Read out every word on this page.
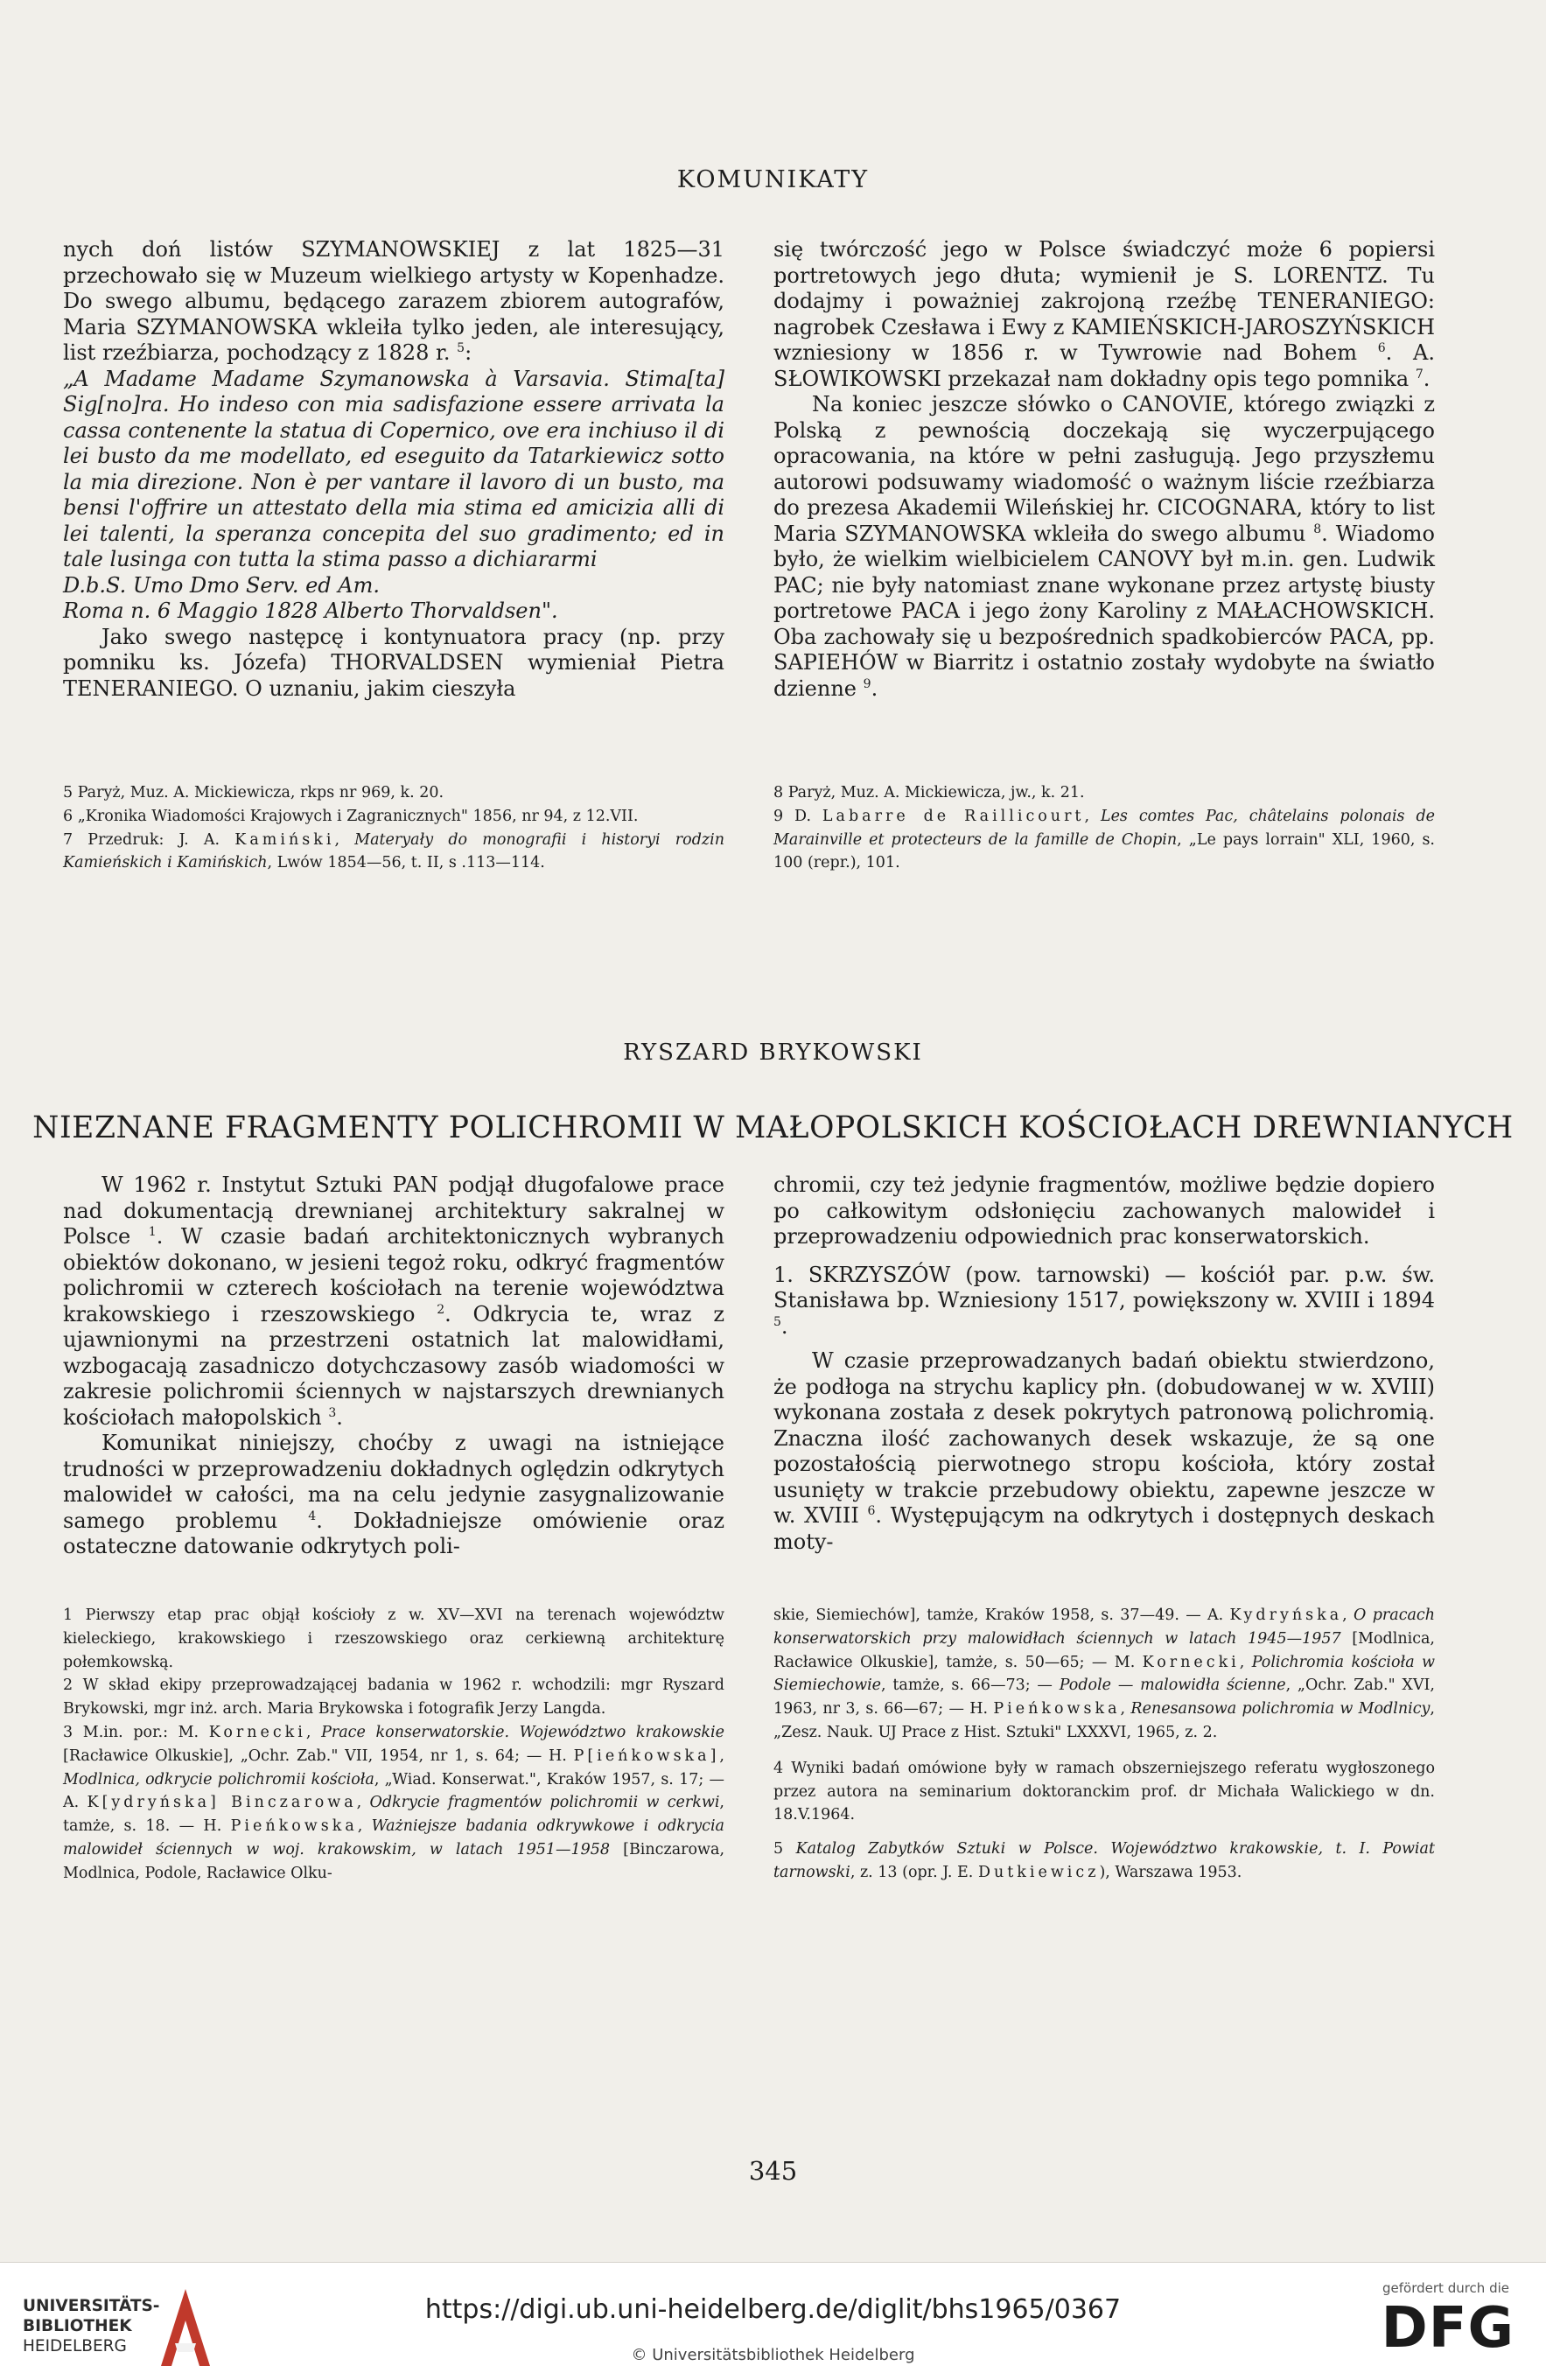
KOMUNIKATY

nych doń listów SZYMANOWSKIEJ z lat 1825—31 przechowało się w Muzeum wielkiego artysty w Kopenhadze. Do swego albumu, będącego zarazem zbiorem autografów, Maria SZYMANOWSKA wkleiła tylko jeden, ale interesujący, list rzeźbiarza, pochodzący z 1828 r. $^5$:

„A Madame Madame Szymanowska à Varsavia. Stima[ta] Sig[no]ra. Ho indeso con mia sadisfazione essere arrivata la cassa contenente la statua di Copernico, ove era inchiuso il di lei busto da me modellato, ed eseguito da Tatarkiewicz sotto la mia direzione. Non è per vantare il lavoro di un busto, ma bensi l'offrire un attestato della mia stima ed amicizia alli di lei talenti, la speranza concepita del suo gradimento; ed in tale lusinga con tutta la stima passo a dichiararmi

D.b.S. Umo Dmo Serv. ed Am.

Roma n. 6 Maggio 1828 Alberto Thorvaldsen".

Jako swego następcę i kontynuatora pracy (np. przy pomniku ks. Józefa) THORVALDSEN wymieniał Pietra TENERANIEGO. O uznaniu, jakim cieszyła

się twórczość jego w Polsce świadczyć może 6 popiersi portretowych jego dłuta; wymienił je S. LORENTZ. Tu dodajmy i poważniej zakrojoną rzeźbę TENERANIEGO: nagrobek Czesława i Ewy z KAMIEŃSKICH-JAROSZYŃSKICH wzniesiony w 1856 r. w Tywrowie nad Bohem $^6$. A. SŁOWIKOWSKI przekazał nam dokładny opis tego pomnika $^7$.

Na koniec jeszcze słówko o CANOVIE, którego związki z Polską z pewnością doczekają się wyczerpującego opracowania, na które w pełni zasługują. Jego przyszłemu autorowi podsuwamy wiadomość o ważnym liście rzeźbiarza do prezesa Akademii Wileńskiej hr. CICOGNARA, który to list Maria SZYMANOWSKA wkleiła do swego albumu $^8$. Wiadomo było, że wielkim wielbicielem CANOVY był m.in. gen. Ludwik PAC; nie były natomiast znane wykonane przez artystę biusty portretowe PACA i jego żony Karoliny z MAŁACHOWSKICH. Oba zachowały się u bezpośrednich spadkobierców PACA, pp. SAPIEHÓW w Biarritz i ostatnio zostały wydobyte na światło dzienne $^9$.

5 Paryż, Muz. A. Mickiewicza, rkps nr 969, k. 20.

6 „Kronika Wiadomości Krajowych i Zagranicznych" 1856, nr 94, z 12.VII.

7 Przedruk: J. A. Kamiński, Materyały do monografii i historyi rodzin Kamieńskich i Kamińskich, Lwów 1854—56, t. II, s .113—114.

8 Paryż, Muz. A. Mickiewicza, jw., k. 21.

9 D. Labarre de Raillicourt, Les comtes Pac, châtelains polonais de Marainville et protecteurs de la famille de Chopin, „Le pays lorrain" XLI, 1960, s. 100 (repr.), 101.

RYSZARD BRYKOWSKI
NIEZNANE FRAGMENTY POLICHROMII W MAŁOPOLSKICH KOŚCIOŁACH DREWNIANYCH

W 1962 r. Instytut Sztuki PAN podjął długofalowe prace nad dokumentacją drewnianej architektury sakralnej w Polsce $^1$. W czasie badań architektonicznych wybranych obiektów dokonano, w jesieni tegoż roku, odkryć fragmentów polichromii w czterech kościołach na terenie województwa krakowskiego i rzeszowskiego $^2$. Odkrycia te, wraz z ujawnionymi na przestrzeni ostatnich lat malowidłami, wzbogacają zasadniczo dotychczasowy zasób wiadomości w zakresie polichromii ściennych w najstarszych drewnianych kościołach małopolskich $^3$.

Komunikat niniejszy, choćby z uwagi na istniejące trudności w przeprowadzeniu dokładnych oględzin odkrytych malowideł w całości, ma na celu jedynie zasygnalizowanie samego problemu	$^4$. Dokładniejsze omówienie oraz ostateczne datowanie odkrytych poli-

chromii, czy też jedynie fragmentów, możliwe będzie dopiero po całkowitym odsłonięciu zachowanych malowideł i przeprowadzeniu odpowiednich prac konserwatorskich.

1. SKRZYSZÓW (pow. tarnowski) — kościół par. p.w. św. Stanisława bp. Wzniesiony 1517, powiększony w. XVIII i 1894 $^5$.

W czasie przeprowadzanych badań obiektu stwierdzono, że podłoga na strychu kaplicy płn. (dobudowanej w w. XVIII) wykonana została z desek pokrytych patronową polichromią. Znaczna ilość zachowanych desek wskazuje, że są one pozostałością pierwotnego stropu kościoła, który został usunięty w trakcie przebudowy obiektu, zapewne jeszcze w w. XVIII $^6$. Występującym na odkrytych i dostępnych deskach moty-

1 Pierwszy etap prac objął kościoły z w. XV—XVI na terenach województw kieleckiego, krakowskiego i rzeszowskiego oraz cerkiewną architekturę połemkowską.

2 W skład ekipy przeprowadzającej badania w 1962 r. wchodzili: mgr Ryszard Brykowski, mgr inż. arch. Maria Brykowska i fotografik Jerzy Langda.

3 M.in. por.: M. Kornecki, Prace konserwatorskie. Województwo krakowskie [Racławice Olkuskie], „Ochr. Zab." VII, 1954, nr 1, s. 64; — H. P[ieńkowska], Modlnica, odkrycie polichromii kościoła, „Wiad. Konserwat.", Kraków 1957, s. 17; — A. K[ydryńska] Binczarowa, Odkrycie fragmentów polichromii w cerkwi, tamże, s. 18. — H. Pieńkowska, Ważniejsze badania odkrywkowe i odkrycia malowideł ściennych w woj. krakowskim, w latach 1951—1958 [Binczarowa, Modlnica, Podole, Racławice Olku-

skie, Siemiechów], tamże, Kraków 1958, s. 37—49. — A. Kydryńska, O pracach konserwatorskich przy malowidłach ściennych w latach 1945—1957 [Modlnica, Racławice Olkuskie], tamże, s. 50—65; — M. Kornecki, Polichromia kościoła w Siemiechowie, tamże, s. 66—73; — Podole — malowidła ścienne, „Ochr. Zab." XVI, 1963, nr 3, s. 66—67; — H. Pieńkowska, Renesansowa polichromia w Modlnicy, „Zesz. Nauk. UJ Prace z Hist. Sztuki" LXXXVI, 1965, z. 2.

4 Wyniki badań omówione były w ramach obszerniejszego referatu wygłoszonego przez autora na seminarium doktoranckim prof. dr Michała Walickiego w dn. 18.V.1964.

5 Katalog Zabytków Sztuki w Polsce. Województwo krakowskie, t. I. Powiat tarnowski, z. 13 (opr. J. E. Dutkiewicz), Warszawa 1953.

345
UNIVERSITÄTS-
BIBLIOTHEK
HEIDELBERG
https://digi.ub.uni-heidelberg.de/diglit/bhs1965/0367
© Universitätsbibliothek Heidelberg
gefördert durch die
DFG
